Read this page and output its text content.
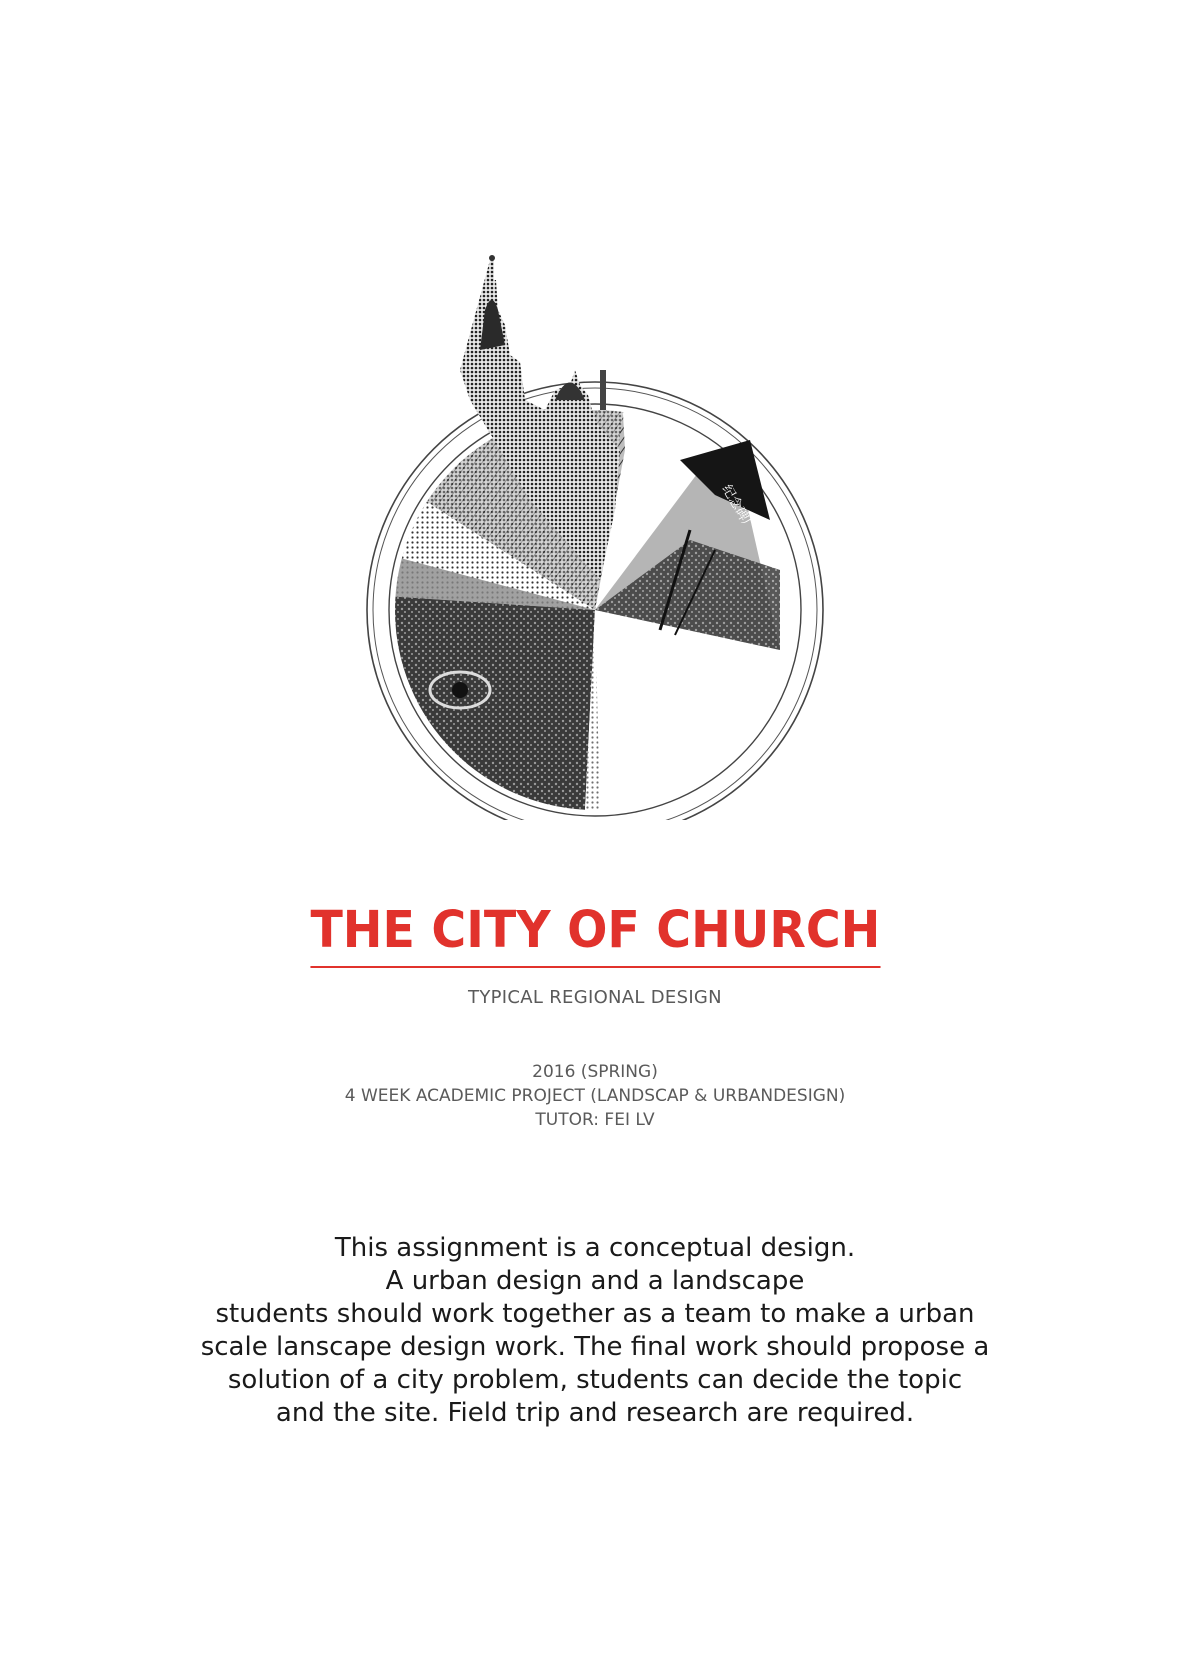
纪念碑广
THE CITY OF CHURCH
TYPICAL REGIONAL DESIGN
2016 (SPRING)
4 WEEK ACADEMIC PROJECT (LANDSCAP & URBANDESIGN)
TUTOR: FEI LV
This assignment is a conceptual design.
A urban design and a landscape
students should work together as a team to make a urban
scale lanscape design work. The final work should propose a
solution of a city problem, students can decide the topic
and the site. Field trip and research are required.
